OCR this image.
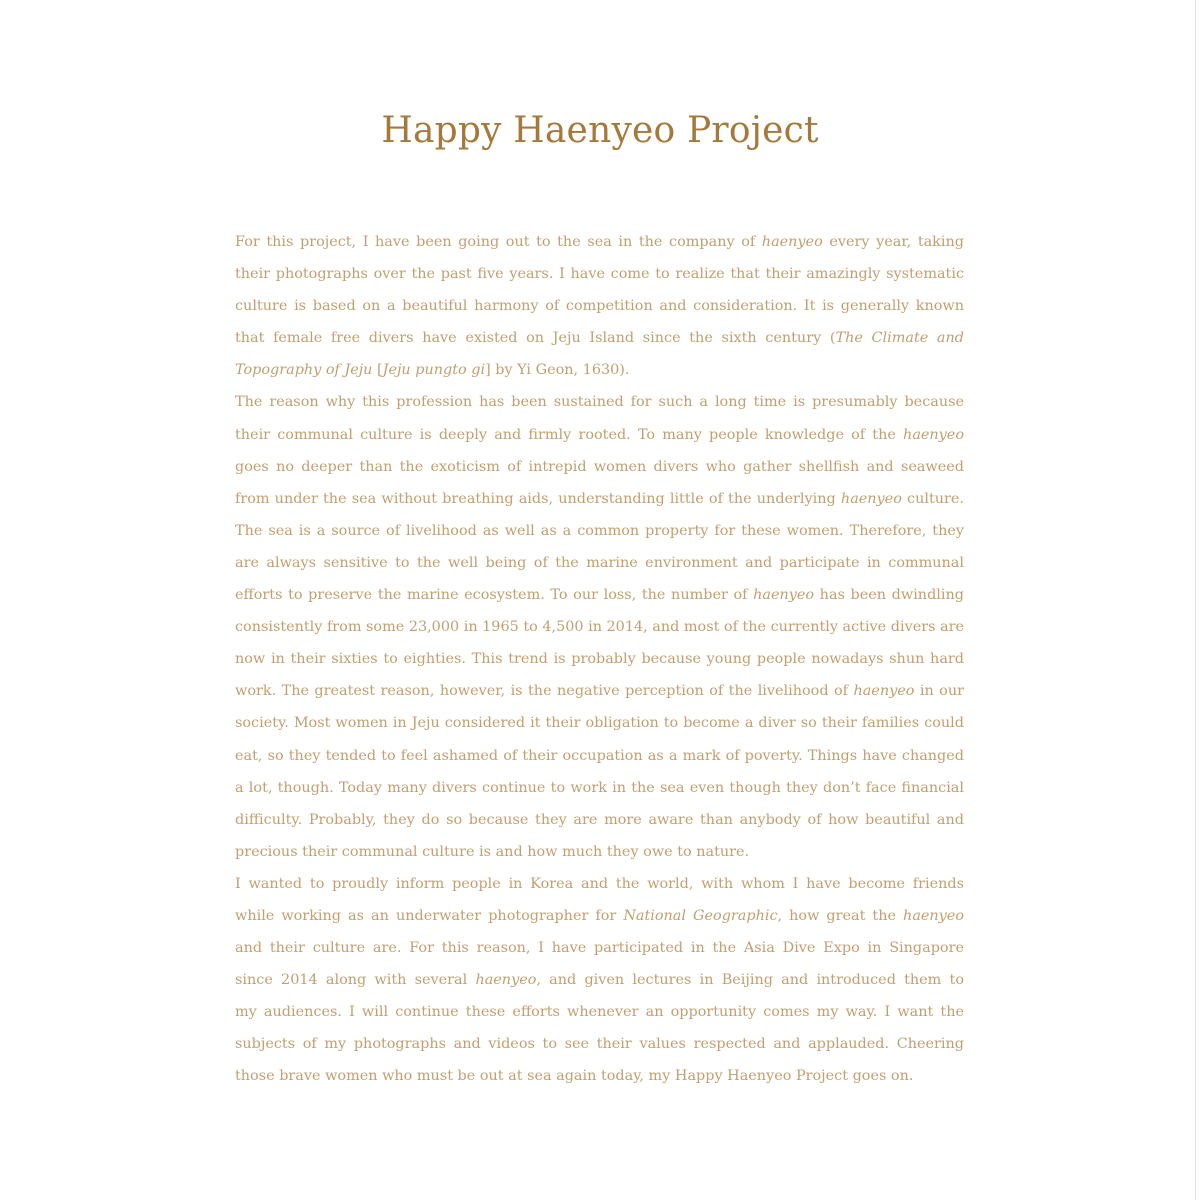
Happy Haenyeo Project
For this project, I have been going out to the sea in the company of haenyeo every year, taking
their photographs over the past five years. I have come to realize that their amazingly systematic
culture is based on a beautiful harmony of competition and consideration. It is generally known
that female free divers have existed on Jeju Island since the sixth century (The Climate and
Topography of Jeju [Jeju pungto gi] by Yi Geon, 1630).
The reason why this profession has been sustained for such a long time is presumably because
their communal culture is deeply and firmly rooted. To many people knowledge of the haenyeo
goes no deeper than the exoticism of intrepid women divers who gather shellfish and seaweed
from under the sea without breathing aids, understanding little of the underlying haenyeo culture.
The sea is a source of livelihood as well as a common property for these women. Therefore, they
are always sensitive to the well being of the marine environment and participate in communal
efforts to preserve the marine ecosystem. To our loss, the number of haenyeo has been dwindling
consistently from some 23,000 in 1965 to 4,500 in 2014, and most of the currently active divers are
now in their sixties to eighties. This trend is probably because young people nowadays shun hard
work. The greatest reason, however, is the negative perception of the livelihood of haenyeo in our
society. Most women in Jeju considered it their obligation to become a diver so their families could
eat, so they tended to feel ashamed of their occupation as a mark of poverty. Things have changed
a lot, though. Today many divers continue to work in the sea even though they don’t face financial
difficulty. Probably, they do so because they are more aware than anybody of how beautiful and
precious their communal culture is and how much they owe to nature.
I wanted to proudly inform people in Korea and the world, with whom I have become friends
while working as an underwater photographer for National Geographic, how great the haenyeo
and their culture are. For this reason, I have participated in the Asia Dive Expo in Singapore
since 2014 along with several haenyeo, and given lectures in Beijing and introduced them to
my audiences. I will continue these efforts whenever an opportunity comes my way. I want the
subjects of my photographs and videos to see their values respected and applauded. Cheering
those brave women who must be out at sea again today, my Happy Haenyeo Project goes on.
